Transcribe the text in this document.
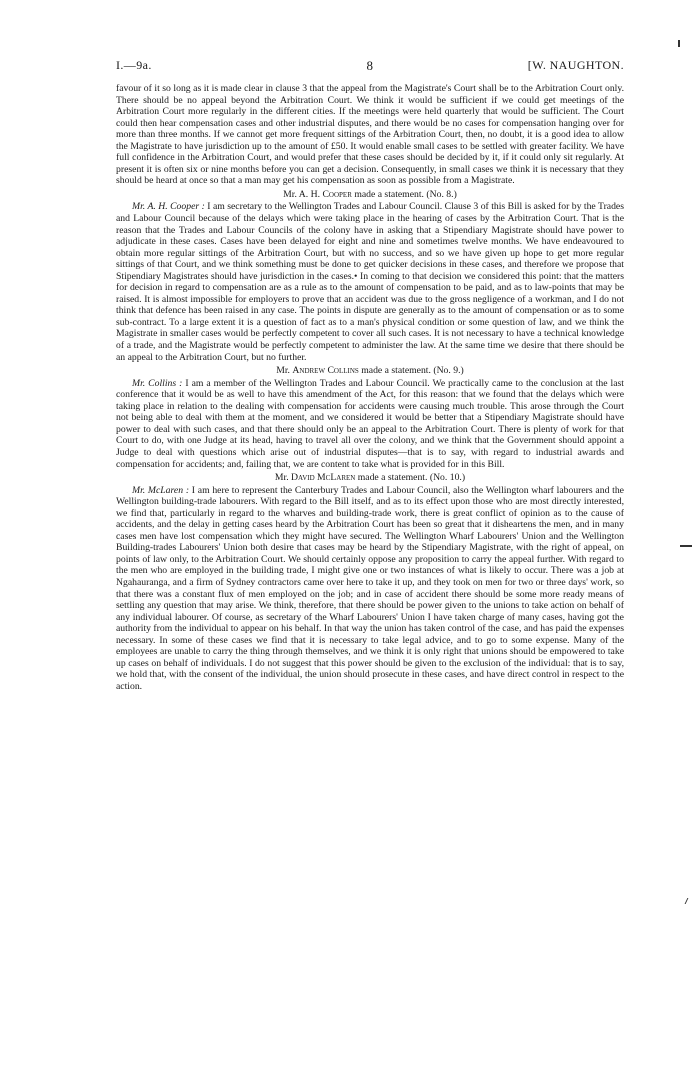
I.—9a.	8	[W. NAUGHTON.

favour of it so long as it is made clear in clause 3 that the appeal from the Magistrate's Court shall be to the Arbitration Court only. There should be no appeal beyond the Arbitration Court. We think it would be sufficient if we could get meetings of the Arbitration Court more regularly in the different cities. If the meetings were held quarterly that would be sufficient. The Court could then hear compensation cases and other industrial disputes, and there would be no cases for compensation hanging over for more than three months. If we cannot get more frequent sittings of the Arbitration Court, then, no doubt, it is a good idea to allow the Magistrate to have jurisdiction up to the amount of £50. It would enable small cases to be settled with greater facility. We have full confidence in the Arbitration Court, and would prefer that these cases should be decided by it, if it could only sit regularly. At present it is often six or nine months before you can get a decision. Consequently, in small cases we think it is necessary that they should be heard at once so that a man may get his compensation as soon as possible from a Magistrate.

Mr. A. H. Cooper made a statement. (No. 8.)

Mr. A. H. Cooper : I am secretary to the Wellington Trades and Labour Council. Clause 3 of this Bill is asked for by the Trades and Labour Council because of the delays which were taking place in the hearing of cases by the Arbitration Court. That is the reason that the Trades and Labour Councils of the colony have in asking that a Stipendiary Magistrate should have power to adjudicate in these cases. Cases have been delayed for eight and nine and sometimes twelve months. We have endeavoured to obtain more regular sittings of the Arbitration Court, but with no success, and so we have given up hope to get more regular sittings of that Court, and we think something must be done to get quicker decisions in these cases, and therefore we propose that Stipendiary Magistrates should have jurisdiction in the cases.• In coming to that decision we considered this point: that the matters for decision in regard to compensation are as a rule as to the amount of compensation to be paid, and as to law-points that may be raised. It is almost impossible for employers to prove that an accident was due to the gross negligence of a workman, and I do not think that defence has been raised in any case. The points in dispute are generally as to the amount of compensation or as to some sub-contract. To a large extent it is a question of fact as to a man's physical condition or some question of law, and we think the Magistrate in smaller cases would be perfectly competent to cover all such cases. It is not necessary to have a technical knowledge of a trade, and the Magistrate would be perfectly competent to administer the law. At the same time we desire that there should be an appeal to the Arbitration Court, but no further.

Mr. Andrew Collins made a statement. (No. 9.)

Mr. Collins : I am a member of the Wellington Trades and Labour Council. We practically came to the conclusion at the last conference that it would be as well to have this amendment of the Act, for this reason: that we found that the delays which were taking place in relation to the dealing with compensation for accidents were causing much trouble. This arose through the Court not being able to deal with them at the moment, and we considered it would be better that a Stipendiary Magistrate should have power to deal with such cases, and that there should only be an appeal to the Arbitration Court. There is plenty of work for that Court to do, with one Judge at its head, having to travel all over the colony, and we think that the Government should appoint a Judge to deal with questions which arise out of industrial disputes—that is to say, with regard to industrial awards and compensation for accidents; and, failing that, we are content to take what is provided for in this Bill.

Mr. David McLaren made a statement. (No. 10.)

Mr. McLaren : I am here to represent the Canterbury Trades and Labour Council, also the Wellington wharf labourers and the Wellington building-trade labourers. With regard to the Bill itself, and as to its effect upon those who are most directly interested, we find that, particularly in regard to the wharves and building-trade work, there is great conflict of opinion as to the cause of accidents, and the delay in getting cases heard by the Arbitration Court has been so great that it disheartens the men, and in many cases men have lost compensation which they might have secured. The Wellington Wharf Labourers' Union and the Wellington Building-trades Labourers' Union both desire that cases may be heard by the Stipendiary Magistrate, with the right of appeal, on points of law only, to the Arbitration Court. We should certainly oppose any proposition to carry the appeal further. With regard to the men who are employed in the building trade, I might give one or two instances of what is likely to occur. There was a job at Ngahauranga, and a firm of Sydney contractors came over here to take it up, and they took on men for two or three days' work, so that there was a constant flux of men employed on the job; and in case of accident there should be some more ready means of settling any question that may arise. We think, therefore, that there should be power given to the unions to take action on behalf of any individual labourer. Of course, as secretary of the Wharf Labourers' Union I have taken charge of many cases, having got the authority from the individual to appear on his behalf. In that way the union has taken control of the case, and has paid the expenses necessary. In some of these cases we find that it is necessary to take legal advice, and to go to some expense. Many of the employees are unable to carry the thing through themselves, and we think it is only right that unions should be empowered to take up cases on behalf of individuals. I do not suggest that this power should be given to the exclusion of the individual: that is to say, we hold that, with the consent of the individual, the union should prosecute in these cases, and have direct control in respect to the action.
